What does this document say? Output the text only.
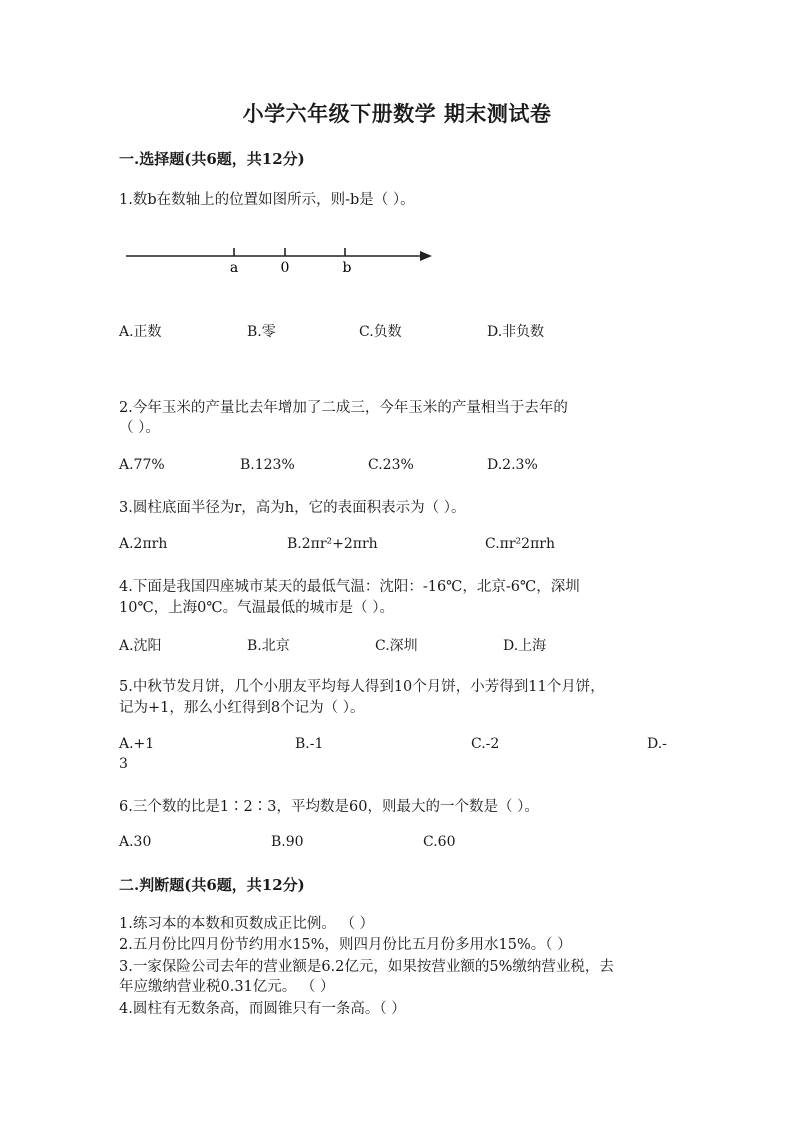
小学六年级下册数学 期末测试卷
一.选择题(共6题，共12分)
1.数b在数轴上的位置如图所示，则-b是（ ）。
a	0	b
A.正数	B.零	C.负数	D.非负数
2.今年玉米的产量比去年增加了二成三，今年玉米的产量相当于去年的
（ ）。
A.77%	B.123%	C.23%	D.2.3%
3.圆柱底面半径为r，高为h，它的表面积表示为（ ）。
A.2πrh	B.2πr²+2πrh	C.πr²2πrh
4.下面是我国四座城市某天的最低气温：沈阳：-16℃，北京-6℃，深圳
10℃，上海0℃。气温最低的城市是（ ）。
A.沈阳	B.北京	C.深圳	D.上海
5.中秋节发月饼，几个小朋友平均每人得到10个月饼，小芳得到11个月饼，
记为+1，那么小红得到8个记为（ ）。
A.+1	B.-1	C.-2	D.-
3
6.三个数的比是1∶2∶3，平均数是60，则最大的一个数是（ ）。
A.30	B.90	C.60
二.判断题(共6题，共12分)
1.练习本的本数和页数成正比例。 （ ）
2.五月份比四月份节约用水15%，则四月份比五月份多用水15%。（ ）
3.一家保险公司去年的营业额是6.2亿元，如果按营业额的5%缴纳营业税，去
年应缴纳营业税0.31亿元。 （ ）
4.圆柱有无数条高，而圆锥只有一条高。（ ）
